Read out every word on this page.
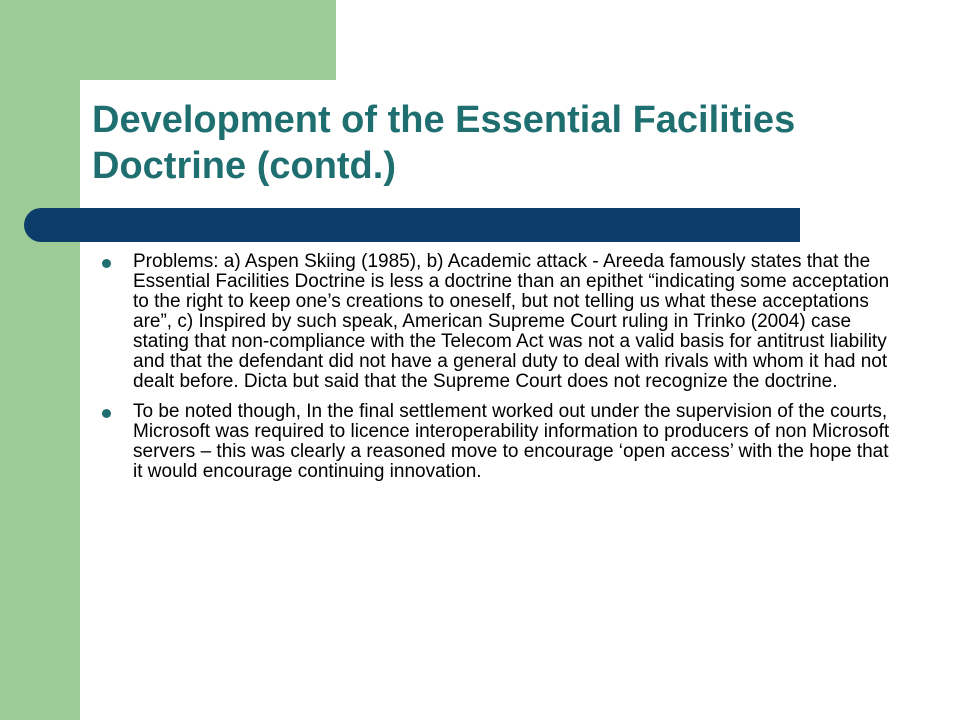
Development of the Essential Facilities Doctrine (contd.)
Problems: a) Aspen Skiing (1985), b) Academic attack - Areeda famously states that the Essential Facilities Doctrine is less a doctrine than an epithet “indicating some acceptation to the right to keep one’s creations to oneself, but not telling us what these acceptations are”, c) Inspired by such speak, American Supreme Court ruling in Trinko (2004) case stating that non-compliance with the Telecom Act was not a valid basis for antitrust liability and that the defendant did not have a general duty to deal with rivals with whom it had not dealt before. Dicta but said that the Supreme Court does not recognize the doctrine.
To be noted though, In the final settlement worked out under the supervision of the courts, Microsoft was required to licence interoperability information to producers of non Microsoft servers – this was clearly a reasoned move to encourage ‘open access’ with the hope that it would encourage continuing innovation.
